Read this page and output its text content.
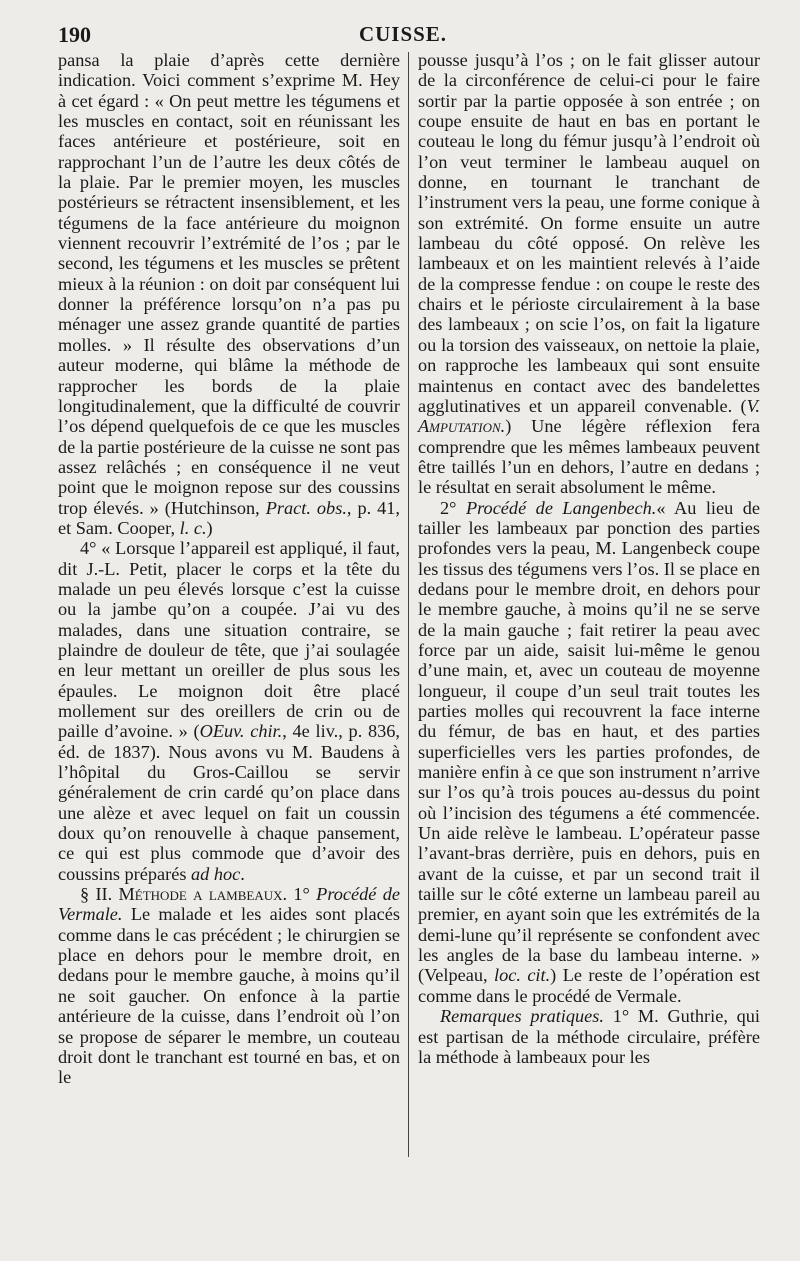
190	CUISSE.

pansa la plaie d’après cette dernière indication. Voici comment s’exprime M. Hey à cet égard : « On peut mettre les tégumens et les muscles en contact, soit en réunissant les faces antérieure et postérieure, soit en rapprochant l’un de l’autre les deux côtés de la plaie. Par le premier moyen, les muscles postérieurs se rétractent insensiblement, et les tégumens de la face antérieure du moignon viennent recouvrir l’extrémité de l’os ; par le second, les tégumens et les muscles se prêtent mieux à la réunion : on doit par conséquent lui donner la préférence lorsqu’on n’a pas pu ménager une assez grande quantité de parties molles. » Il résulte des observations d’un auteur moderne, qui blâme la méthode de rapprocher les bords de la plaie longitudinalement, que la difficulté de couvrir l’os dépend quelquefois de ce que les muscles de la partie postérieure de la cuisse ne sont pas assez relâchés ; en conséquence il ne veut point que le moignon repose sur des coussins trop élevés. » (Hutchinson, Pract. obs., p. 41, et Sam. Cooper, l. c.)

4° « Lorsque l’appareil est appliqué, il faut, dit J.-L. Petit, placer le corps et la tête du malade un peu élevés lorsque c’est la cuisse ou la jambe qu’on a coupée. J’ai vu des malades, dans une situation contraire, se plaindre de douleur de tête, que j’ai soulagée en leur mettant un oreiller de plus sous les épaules. Le moignon doit être placé mollement sur des oreillers de crin ou de paille d’avoine. » (OEuv. chir., 4e liv., p. 836, éd. de 1837). Nous avons vu M. Baudens à l’hôpital du Gros-Caillou se servir généralement de crin cardé qu’on place dans une alèze et avec lequel on fait un coussin doux qu’on renouvelle à chaque pansement, ce qui est plus commode que d’avoir des coussins préparés ad hoc.

§ II. Méthode a lambeaux. 1° Procédé de Vermale. Le malade et les aides sont placés comme dans le cas précédent ; le chirurgien se place en dehors pour le membre droit, en dedans pour le membre gauche, à moins qu’il ne soit gaucher. On enfonce à la partie antérieure de la cuisse, dans l’endroit où l’on se propose de séparer le membre, un couteau droit dont le tranchant est tourné en bas, et on le

pousse jusqu’à l’os ; on le fait glisser autour de la circonférence de celui-ci pour le faire sortir par la partie opposée à son entrée ; on coupe ensuite de haut en bas en portant le couteau le long du fémur jusqu’à l’endroit où l’on veut terminer le lambeau auquel on donne, en tournant le tranchant de l’instrument vers la peau, une forme conique à son extrémité. On forme ensuite un autre lambeau du côté opposé. On relève les lambeaux et on les maintient relevés à l’aide de la compresse fendue : on coupe le reste des chairs et le périoste circulairement à la base des lambeaux ; on scie l’os, on fait la ligature ou la torsion des vaisseaux, on nettoie la plaie, on rapproche les lambeaux qui sont ensuite maintenus en contact avec des bandelettes agglutinatives et un appareil convenable. (V. Amputation.) Une légère réflexion fera comprendre que les mêmes lambeaux peuvent être taillés l’un en dehors, l’autre en dedans ; le résultat en serait absolument le même.

2° Procédé de Langenbech.« Au lieu de tailler les lambeaux par ponction des parties profondes vers la peau, M. Langenbeck coupe les tissus des tégumens vers l’os. Il se place en dedans pour le membre droit, en dehors pour le membre gauche, à moins qu’il ne se serve de la main gauche ; fait retirer la peau avec force par un aide, saisit lui-même le genou d’une main, et, avec un couteau de moyenne longueur, il coupe d’un seul trait toutes les parties molles qui recouvrent la face interne du fémur, de bas en haut, et des parties superficielles vers les parties profondes, de manière enfin à ce que son instrument n’arrive sur l’os qu’à trois pouces au-dessus du point où l’incision des tégumens a été commencée. Un aide relève le lambeau. L’opérateur passe l’avant-bras derrière, puis en dehors, puis en avant de la cuisse, et par un second trait il taille sur le côté externe un lambeau pareil au premier, en ayant soin que les extrémités de la demi-lune qu’il représente se confondent avec les angles de la base du lambeau interne. » (Velpeau, loc. cit.) Le reste de l’opération est comme dans le procédé de Vermale.

Remarques pratiques. 1° M. Guthrie, qui est partisan de la méthode circulaire, préfère la méthode à lambeaux pour les
